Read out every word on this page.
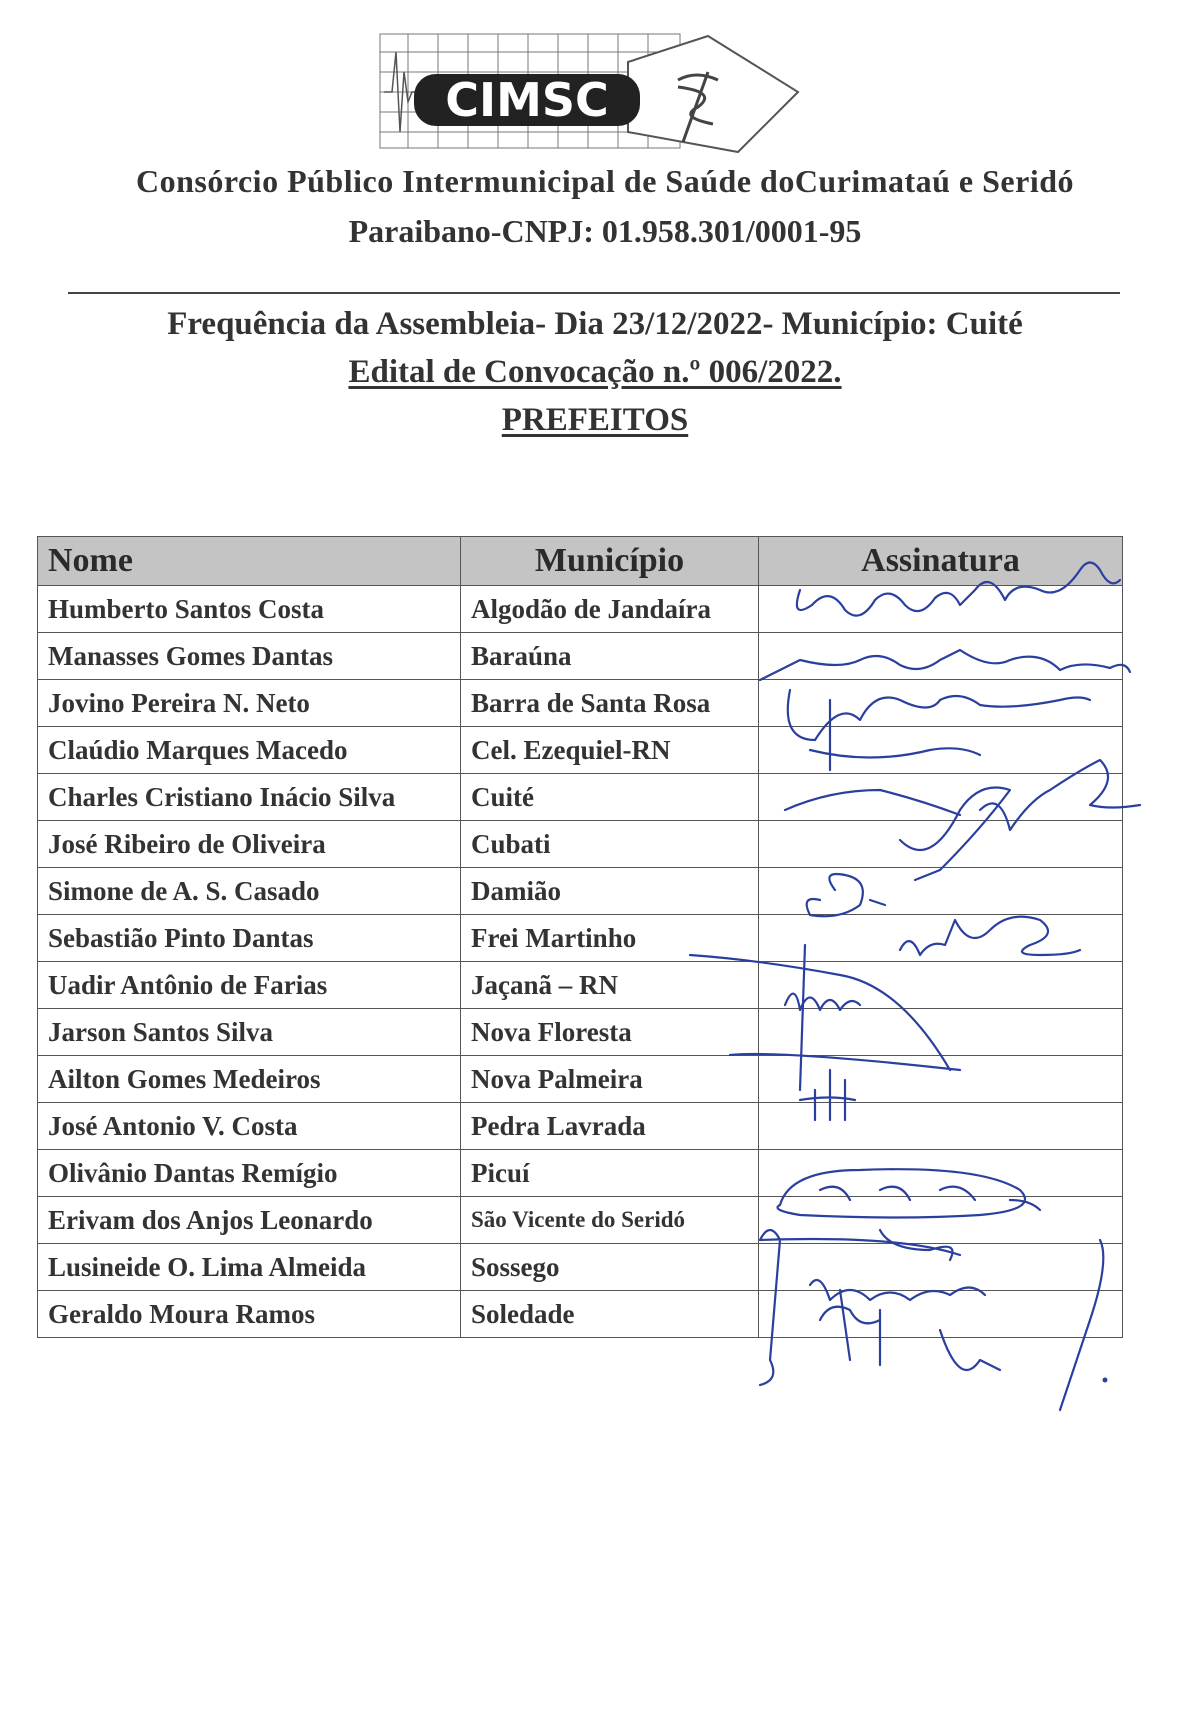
CIMSC
Consórcio Público Intermunicipal de Saúde doCurimataú e Seridó
Paraibano-CNPJ: 01.958.301/0001-95
Frequência da Assembleia- Dia 23/12/2022- Município: Cuité
Edital de Convocação n.º 006/2022.
PREFEITOS
Nome	Município	Assinatura
Humberto Santos Costa	Algodão de Jandaíra	
Manasses Gomes Dantas	Baraúna	
Jovino Pereira N. Neto	Barra de Santa Rosa	
Claúdio Marques Macedo	Cel. Ezequiel-RN	
Charles Cristiano Inácio Silva	Cuité	
José Ribeiro de Oliveira	Cubati	
Simone de A. S. Casado	Damião	
Sebastião Pinto Dantas	Frei Martinho	
Uadir Antônio de Farias	Jaçanã – RN	
Jarson Santos Silva	Nova Floresta	
Ailton Gomes Medeiros	Nova Palmeira	
José Antonio V. Costa	Pedra Lavrada	
Olivânio Dantas Remígio	Picuí	
Erivam dos Anjos Leonardo	São Vicente do Seridó	
Lusineide O. Lima Almeida	Sossego	
Geraldo Moura Ramos	Soledade	
